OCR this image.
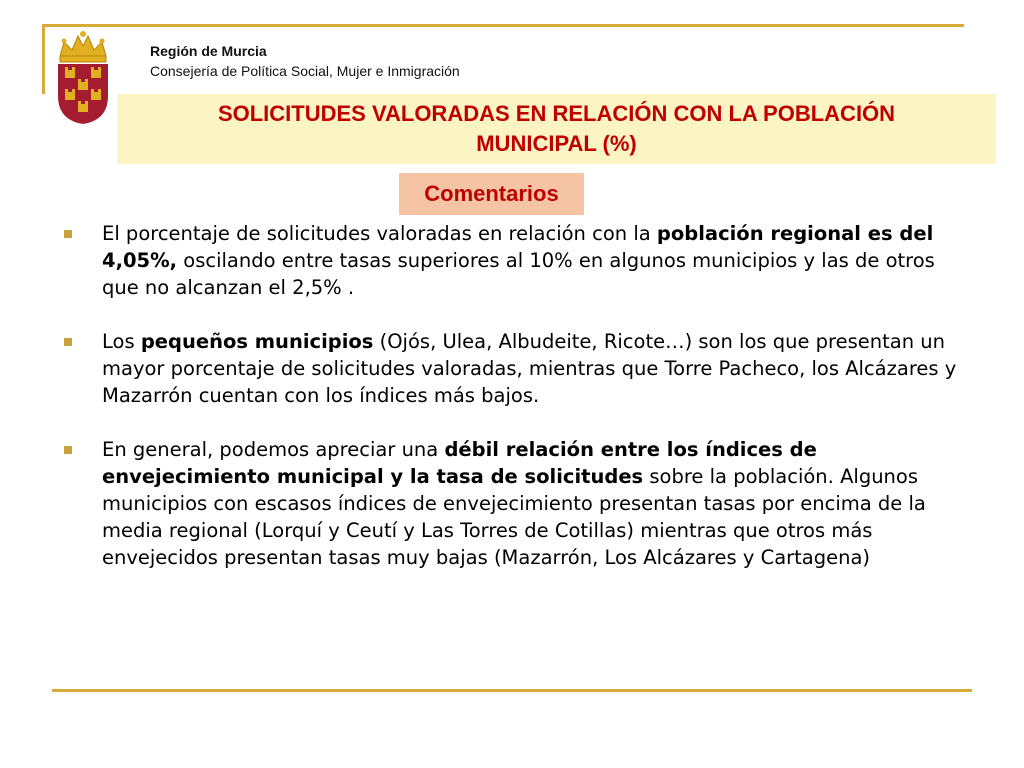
Región de Murcia
Consejería de Política Social, Mujer e Inmigración
SOLICITUDES VALORADAS EN RELACIÓN CON LA POBLACIÓN
MUNICIPAL (%)
Comentarios
El porcentaje de solicitudes valoradas en relación con la población regional es del 4,05%, oscilando entre tasas superiores al 10% en algunos municipios y las de otros que no alcanzan el 2,5% .
Los pequeños municipios (Ojós, Ulea, Albudeite, Ricote…) son los que presentan un mayor porcentaje de solicitudes valoradas, mientras que Torre Pacheco, los Alcázares y Mazarrón cuentan con los índices más bajos.
En general, podemos apreciar una débil relación entre los índices de envejecimiento municipal y la tasa de solicitudes sobre la población. Algunos municipios con escasos índices de envejecimiento presentan tasas por encima de la media regional (Lorquí y Ceutí y Las Torres de Cotillas) mientras que otros más envejecidos presentan tasas muy bajas (Mazarrón, Los Alcázares y Cartagena)
